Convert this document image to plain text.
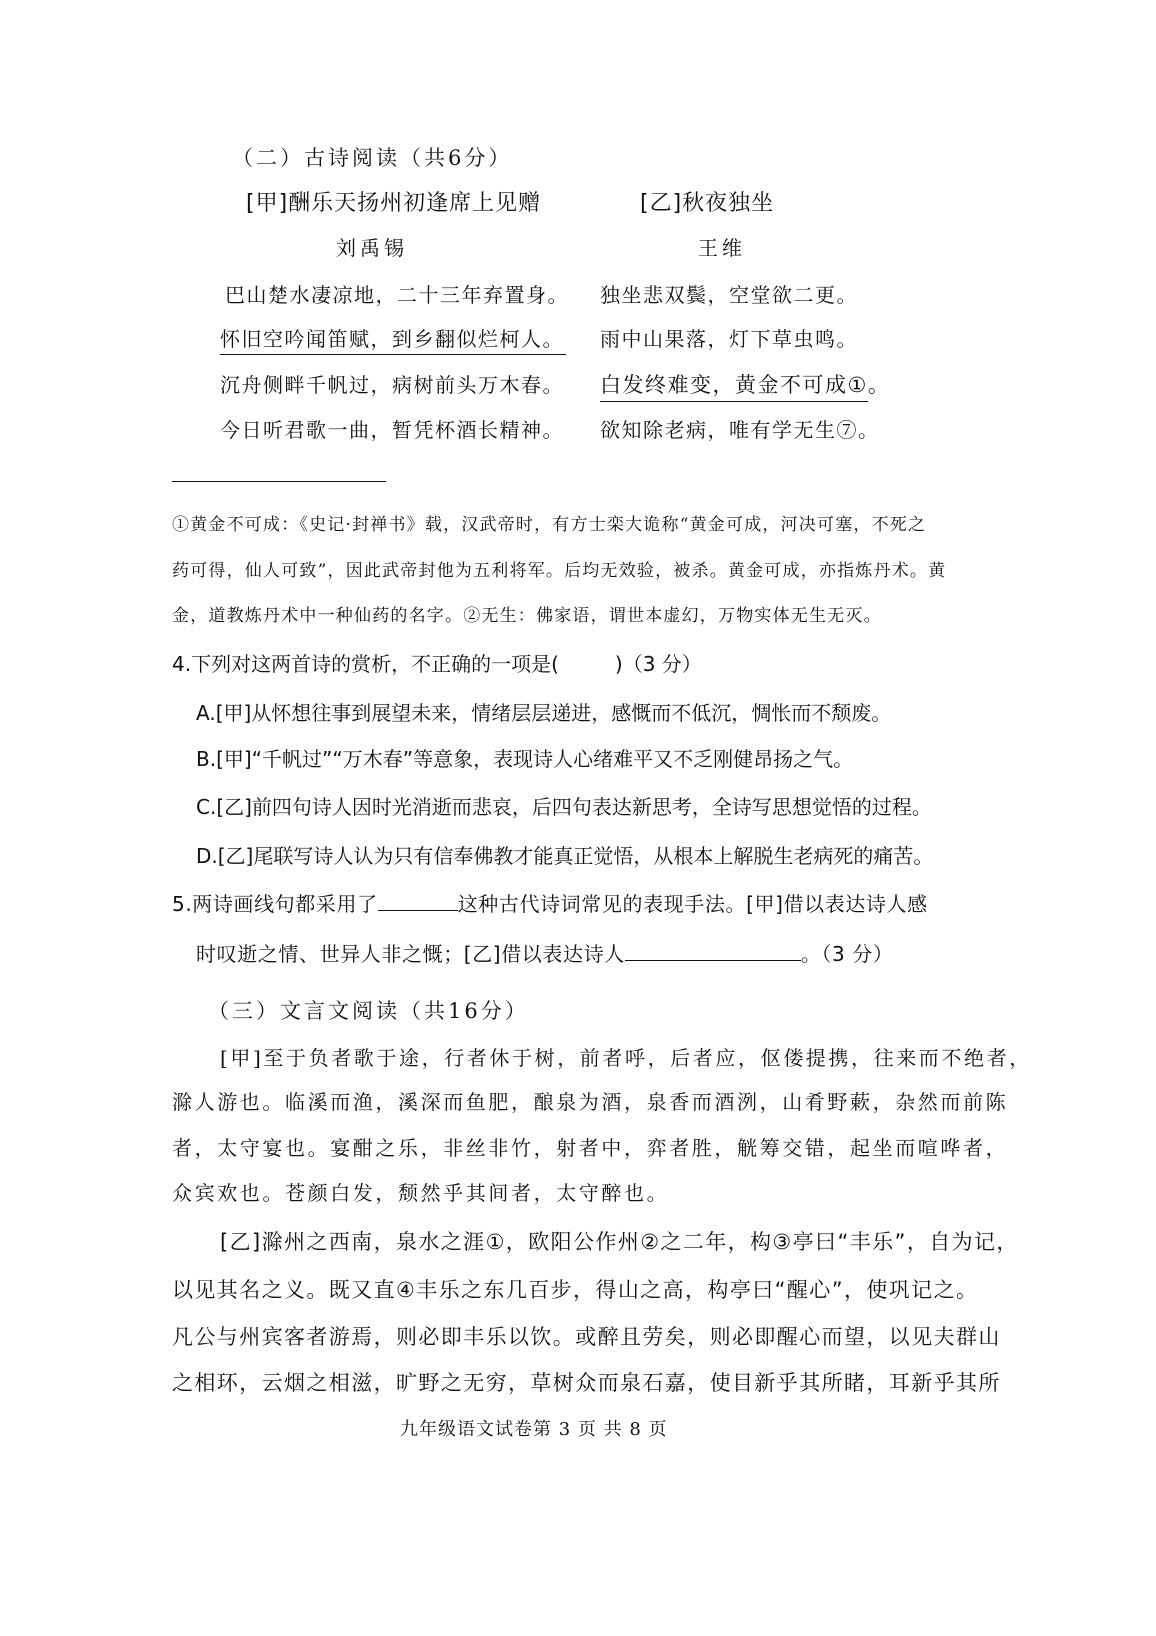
（二）古诗阅读（共6分）
[甲]酬乐天扬州初逢席上见赠	[乙]秋夜独坐
刘禹锡	王维
巴山楚水凄凉地，二十三年弃置身。
怀旧空吟闻笛赋，到乡翻似烂柯人。
沉舟侧畔千帆过，病树前头万木春。
今日听君歌一曲，暂凭杯酒长精神。
独坐悲双鬓，空堂欲二更。
雨中山果落，灯下草虫鸣。
白发终难变，黄金不可成①。
欲知除老病，唯有学无生⑦。
①黄金不可成：《史记·封禅书》载，汉武帝时，有方士栾大诡称“黄金可成，河决可塞，不死之
药可得，仙人可致”，因此武帝封他为五利将军。后均无效验，被杀。黄金可成，亦指炼丹术。黄
金，道教炼丹术中一种仙药的名字。②无生：佛家语，谓世本虚幻，万物实体无生无灭。
4.下列对这两首诗的赏析，不正确的一项是(	)（3 分）
A.[甲]从怀想往事到展望未来，情绪层层递进，感慨而不低沉，惆怅而不颓废。
B.[甲]“千帆过”“万木春”等意象，表现诗人心绪难平又不乏刚健昂扬之气。
C.[乙]前四句诗人因时光消逝而悲哀，后四句表达新思考，全诗写思想觉悟的过程。
D.[乙]尾联写诗人认为只有信奉佛教才能真正觉悟，从根本上解脱生老病死的痛苦。
5.两诗画线句都采用了	这种古代诗词常见的表现手法。[甲]借以表达诗人感
时叹逝之情、世异人非之慨；[乙]借以表达诗人	。（3 分）
（三）文言文阅读（共16分）
[甲]至于负者歌于途，行者休于树，前者呼，后者应，伛偻提携，往来而不绝者，
滁人游也。临溪而渔，溪深而鱼肥，酿泉为酒，泉香而酒洌，山肴野蔌，杂然而前陈
者，太守宴也。宴酣之乐，非丝非竹，射者中，弈者胜，觥筹交错，起坐而喧哗者，
众宾欢也。苍颜白发，颓然乎其间者，太守醉也。
[乙]滁州之西南，泉水之涯①，欧阳公作州②之二年，构③亭曰“丰乐”，自为记，
以见其名之义。既又直④丰乐之东几百步，得山之高，构亭曰“醒心”，使巩记之。
凡公与州宾客者游焉，则必即丰乐以饮。或醉且劳矣，则必即醒心而望，以见夫群山
之相环，云烟之相滋，旷野之无穷，草树众而泉石嘉，使目新乎其所睹，耳新乎其所
九年级语文试卷第 3 页 共 8 页
